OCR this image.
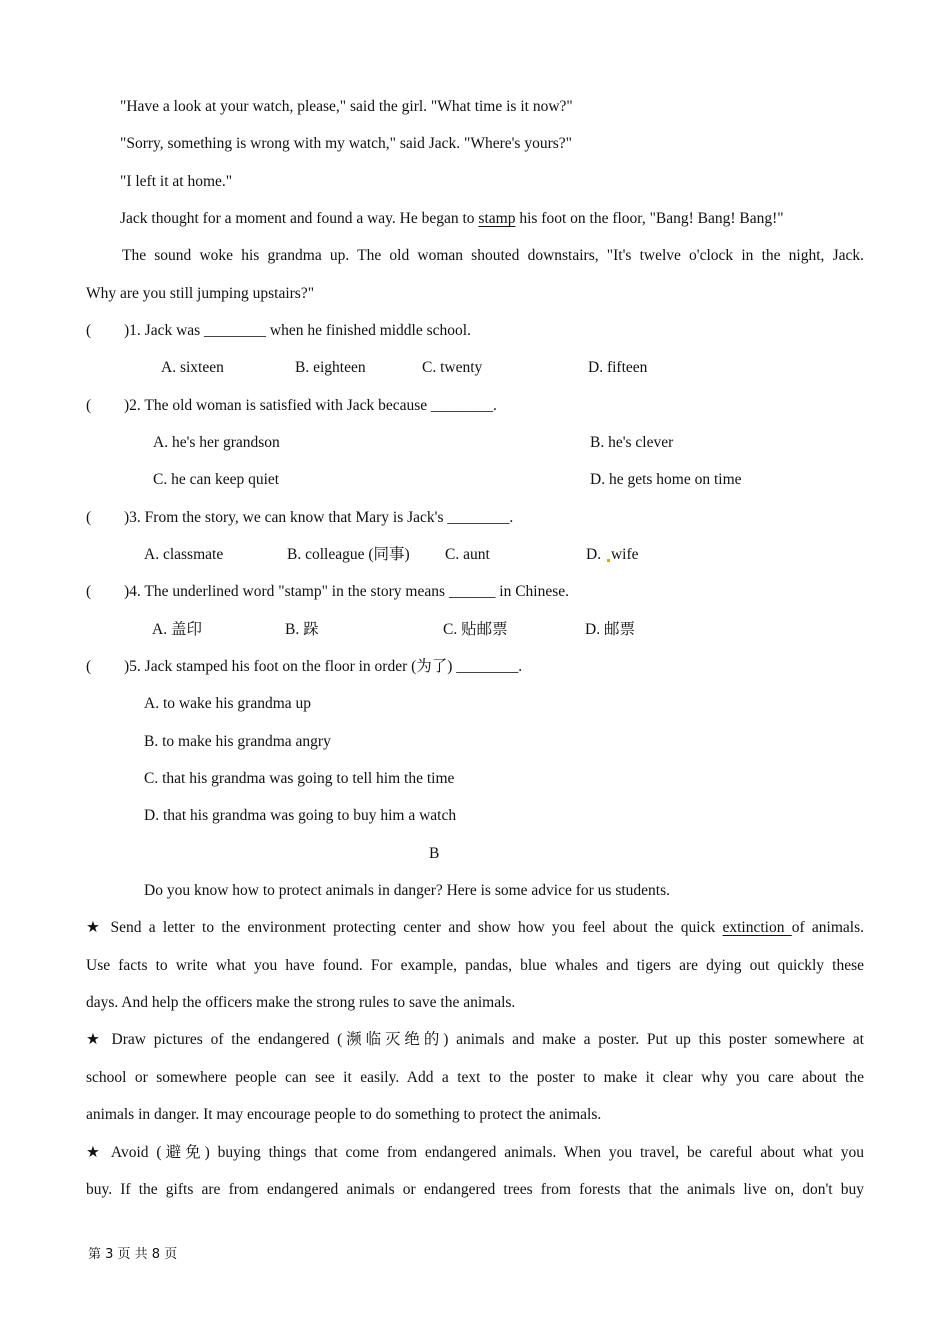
"Have a look at your watch, please," said the girl. "What time is it now?"
"Sorry, something is wrong with my watch," said Jack. "Where's yours?"
"I left it at home."
Jack thought for a moment and found a way. He began to stamp his foot on the floor, "Bang! Bang! Bang!"
The sound woke his grandma up. The old woman shouted downstairs, "It's twelve o'clock in the night, Jack.
Why are you still jumping upstairs?"
( )1. Jack was ________ when he finished middle school.
A. sixteen	B. eighteen	C. twenty	D. fifteen
( )2. The old woman is satisfied with Jack because ________.
A. he's her grandson	B. he's clever
C. he can keep quiet	D. he gets home on time
( )3. From the story, we can know that Mary is Jack's ________.
A. classmate	B. colleague (同事) C. aunt	D. wife
( )4. The underlined word "stamp" in the story means ______ in Chinese.
A. 盖印	B. 跺	C. 贴邮票	D. 邮票
( )5. Jack stamped his foot on the floor in order (为了) ________.
A. to wake his grandma up
B. to make his grandma angry
C. that his grandma was going to tell him the time
D. that his grandma was going to buy him a watch
B
Do you know how to protect animals in danger? Here is some advice for us students.
★ Send a letter to the environment protecting center and show how you feel about the quick extinction of animals.
Use facts to write what you have found. For example, pandas, blue whales and tigers are dying out quickly these
days. And help the officers make the strong rules to save the animals.
★ Draw pictures of the endangered (濒临灭绝的) animals and make a poster. Put up this poster somewhere at
school or somewhere people can see it easily. Add a text to the poster to make it clear why you care about the
animals in danger. It may encourage people to do something to protect the animals.
★ Avoid (避免) buying things that come from endangered animals. When you travel, be careful about what you
buy. If the gifts are from endangered animals or endangered trees from forests that the animals live on, don't buy
第 3 页 共 8 页
